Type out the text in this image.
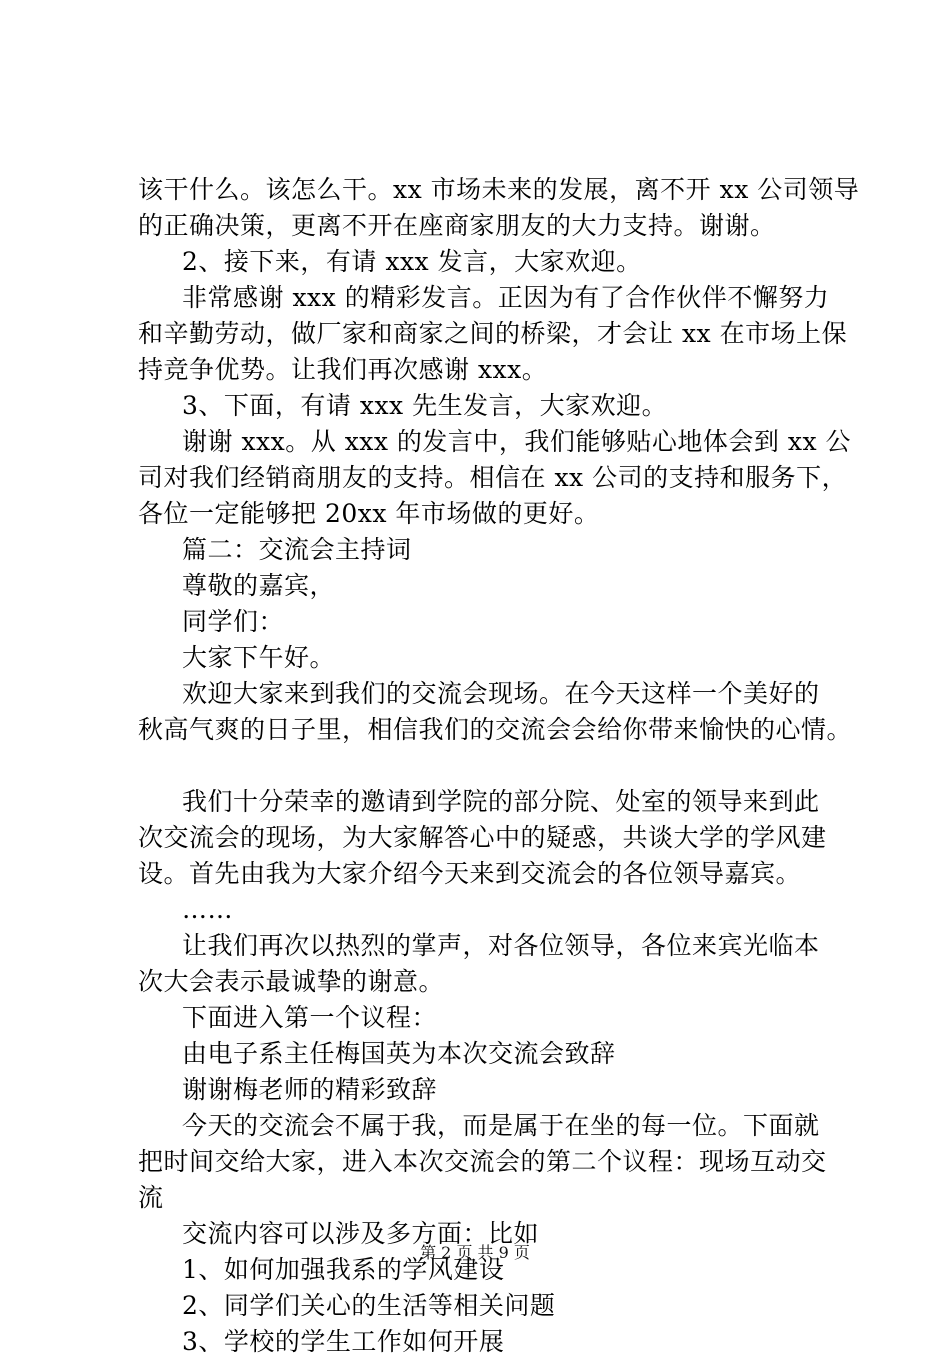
该干什么。该怎么干。xx 市场未来的发展，离不开 xx 公司领导
的正确决策，更离不开在座商家朋友的大力支持。谢谢。
2、接下来，有请 xxx 发言，大家欢迎。
非常感谢 xxx 的精彩发言。正因为有了合作伙伴不懈努力
和辛勤劳动，做厂家和商家之间的桥梁，才会让 xx 在市场上保
持竞争优势。让我们再次感谢 xxx。
3、下面，有请 xxx 先生发言，大家欢迎。
谢谢 xxx。从 xxx 的发言中，我们能够贴心地体会到 xx 公
司对我们经销商朋友的支持。相信在 xx 公司的支持和服务下，
各位一定能够把 20xx 年市场做的更好。
篇二：交流会主持词
尊敬的嘉宾，
同学们：
大家下午好。
欢迎大家来到我们的交流会现场。在今天这样一个美好的
秋高气爽的日子里，相信我们的交流会会给你带来愉快的心情。
我们十分荣幸的邀请到学院的部分院、处室的领导来到此
次交流会的现场，为大家解答心中的疑惑，共谈大学的学风建
设。首先由我为大家介绍今天来到交流会的各位领导嘉宾。
……
让我们再次以热烈的掌声，对各位领导，各位来宾光临本
次大会表示最诚挚的谢意。
下面进入第一个议程：
由电子系主任梅国英为本次交流会致辞
谢谢梅老师的精彩致辞
今天的交流会不属于我，而是属于在坐的每一位。下面就
把时间交给大家，进入本次交流会的第二个议程：现场互动交
流
交流内容可以涉及多方面：比如
1、如何加强我系的学风建设
2、同学们关心的生活等相关问题
3、学校的学生工作如何开展
第 2 页 共 9 页
